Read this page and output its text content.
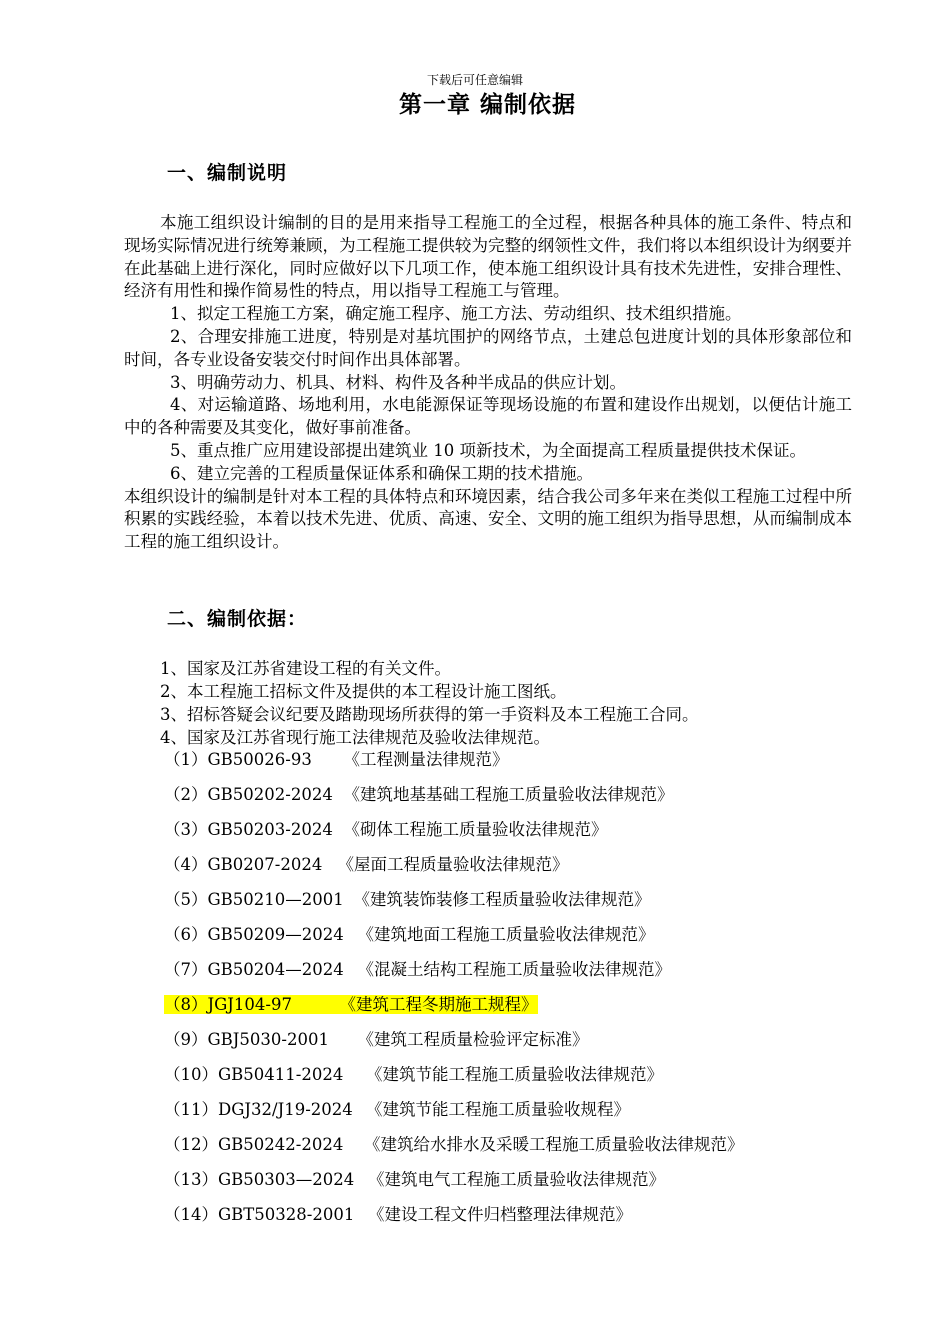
下载后可任意编辑
第一章 编制依据
一、编制说明

本施工组织设计编制的目的是用来指导工程施工的全过程，根据各种具体的施工条件、特点和现场实际情况进行统筹兼顾，为工程施工提供较为完整的纲领性文件，我们将以本组织设计为纲要并在此基础上进行深化，同时应做好以下几项工作，使本施工组织设计具有技术先进性，安排合理性、经济有用性和操作简易性的特点，用以指导工程施工与管理。

1、拟定工程施工方案，确定施工程序、施工方法、劳动组织、技术组织措施。

2、合理安排施工进度，特别是对基坑围护的网络节点，土建总包进度计划的具体形象部位和时间，各专业设备安装交付时间作出具体部署。

3、明确劳动力、机具、材料、构件及各种半成品的供应计划。

4、对运输道路、场地利用，水电能源保证等现场设施的布置和建设作出规划，以便估计施工中的各种需要及其变化，做好事前准备。

5、重点推广应用建设部提出建筑业 10 项新技术，为全面提高工程质量提供技术保证。

6、建立完善的工程质量保证体系和确保工期的技术措施。

本组织设计的编制是针对本工程的具体特点和环境因素，结合我公司多年来在类似工程施工过程中所积累的实践经验，本着以技术先进、优质、高速、安全、文明的施工组织为指导思想，从而编制成本工程的施工组织设计。

二、编制依据：
1、国家及江苏省建设工程的有关文件。
2、本工程施工招标文件及提供的本工程设计施工图纸。
3、招标答疑会议纪要及踏勘现场所获得的第一手资料及本工程施工合同。
4、国家及江苏省现行施工法律规范及验收法律规范。
（1）GB50026-93 《工程测量法律规范》
（2）GB50202-2024 《建筑地基基础工程施工质量验收法律规范》
（3）GB50203-2024 《砌体工程施工质量验收法律规范》
（4）GB0207-2024 《屋面工程质量验收法律规范》
（5）GB50210—2001 《建筑装饰装修工程质量验收法律规范》
（6）GB50209—2024 《建筑地面工程施工质量验收法律规范》
（7）GB50204—2024 《混凝土结构工程施工质量验收法律规范》
（8）JGJ104-97	《建筑工程冬期施工规程》
（9）GBJ5030-2001 《建筑工程质量检验评定标准》
（10）GB50411-2024 《建筑节能工程施工质量验收法律规范》
（11）DGJ32/J19-2024 《建筑节能工程施工质量验收规程》
（12）GB50242-2024 《建筑给水排水及采暖工程施工质量验收法律规范》
（13）GB50303—2024 《建筑电气工程施工质量验收法律规范》
（14）GBT50328-2001 《建设工程文件归档整理法律规范》
